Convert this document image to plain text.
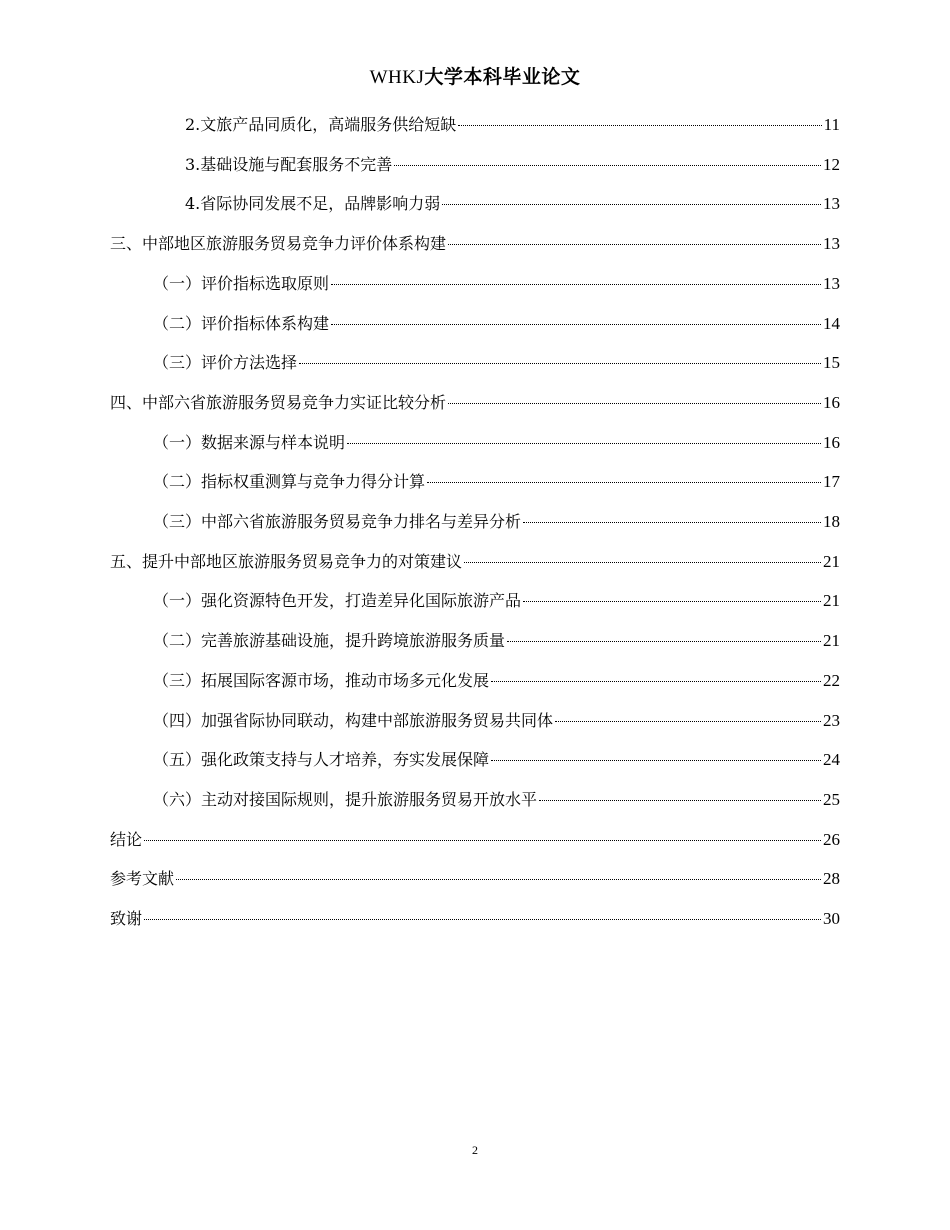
WHKJ大学本科毕业论文
2.文旅产品同质化，高端服务供给短缺	11
3.基础设施与配套服务不完善	12
4.省际协同发展不足，品牌影响力弱	13
三、中部地区旅游服务贸易竞争力评价体系构建	13
（一）评价指标选取原则	13
（二）评价指标体系构建	14
（三）评价方法选择	15
四、中部六省旅游服务贸易竞争力实证比较分析	16
（一）数据来源与样本说明	16
（二）指标权重测算与竞争力得分计算	17
（三）中部六省旅游服务贸易竞争力排名与差异分析	18
五、提升中部地区旅游服务贸易竞争力的对策建议	21
（一）强化资源特色开发，打造差异化国际旅游产品	21
（二）完善旅游基础设施，提升跨境旅游服务质量	21
（三）拓展国际客源市场，推动市场多元化发展	22
（四）加强省际协同联动，构建中部旅游服务贸易共同体	23
（五）强化政策支持与人才培养，夯实发展保障	24
（六）主动对接国际规则，提升旅游服务贸易开放水平	25
结论	26
参考文献	28
致谢	30
2
